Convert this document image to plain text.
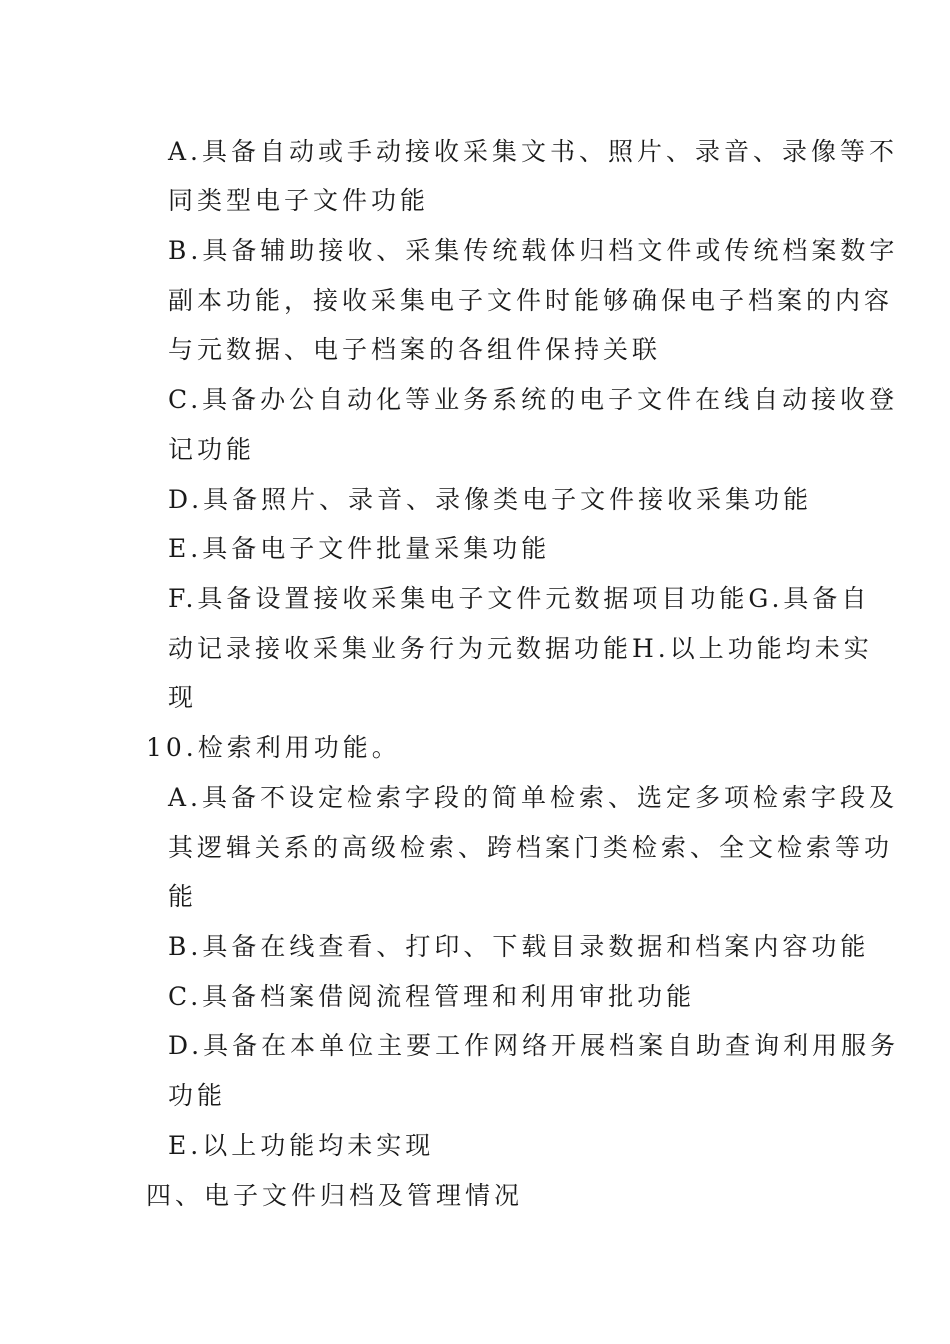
A.具备自动或手动接收采集文书、照片、录音、录像等不
同类型电子文件功能
B.具备辅助接收、采集传统载体归档文件或传统档案数字
副本功能，接收采集电子文件时能够确保电子档案的内容
与元数据、电子档案的各组件保持关联
C.具备办公自动化等业务系统的电子文件在线自动接收登
记功能
D.具备照片、录音、录像类电子文件接收采集功能
E.具备电子文件批量采集功能
F.具备设置接收采集电子文件元数据项目功能G.具备自
动记录接收采集业务行为元数据功能H.以上功能均未实
现
10.检索利用功能。
A.具备不设定检索字段的简单检索、选定多项检索字段及
其逻辑关系的高级检索、跨档案门类检索、全文检索等功
能
B.具备在线查看、打印、下载目录数据和档案内容功能
C.具备档案借阅流程管理和利用审批功能
D.具备在本单位主要工作网络开展档案自助查询利用服务
功能
E.以上功能均未实现
四、电子文件归档及管理情况
